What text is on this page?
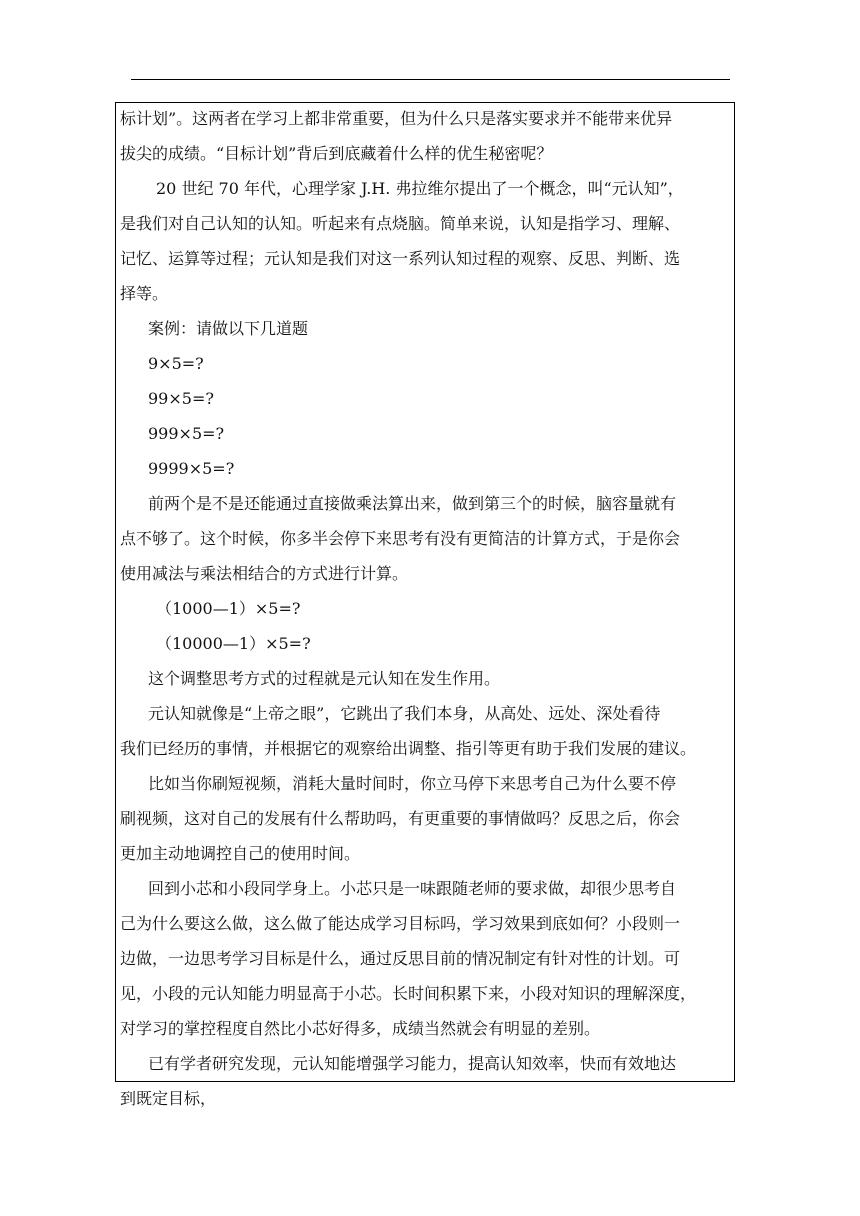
标计划”。这两者在学习上都非常重要，但为什么只是落实要求并不能带来优异
拔尖的成绩。“目标计划”背后到底藏着什么样的优生秘密呢？
20 世纪 70 年代，心理学家 J.H. 弗拉维尔提出了一个概念，叫“元认知”，
是我们对自己认知的认知。听起来有点烧脑。简单来说，认知是指学习、理解、
记忆、运算等过程；元认知是我们对这一系列认知过程的观察、反思、判断、选
择等。
案例：请做以下几道题
9×5=?
99×5=?
999×5=?
9999×5=?
前两个是不是还能通过直接做乘法算出来，做到第三个的时候，脑容量就有
点不够了。这个时候，你多半会停下来思考有没有更简洁的计算方式，于是你会
使用减法与乘法相结合的方式进行计算。
（1000—1）×5=?
（10000—1）×5=?
这个调整思考方式的过程就是元认知在发生作用。
元认知就像是“上帝之眼”，它跳出了我们本身，从高处、远处、深处看待
我们已经历的事情，并根据它的观察给出调整、指引等更有助于我们发展的建议。
比如当你刷短视频，消耗大量时间时，你立马停下来思考自己为什么要不停
刷视频，这对自己的发展有什么帮助吗，有更重要的事情做吗？反思之后，你会
更加主动地调控自己的使用时间。
回到小芯和小段同学身上。小芯只是一味跟随老师的要求做，却很少思考自
己为什么要这么做，这么做了能达成学习目标吗，学习效果到底如何？小段则一
边做，一边思考学习目标是什么，通过反思目前的情况制定有针对性的计划。可
见，小段的元认知能力明显高于小芯。长时间积累下来，小段对知识的理解深度，
对学习的掌控程度自然比小芯好得多，成绩当然就会有明显的差别。
已有学者研究发现，元认知能增强学习能力，提高认知效率，快而有效地达
到既定目标，
